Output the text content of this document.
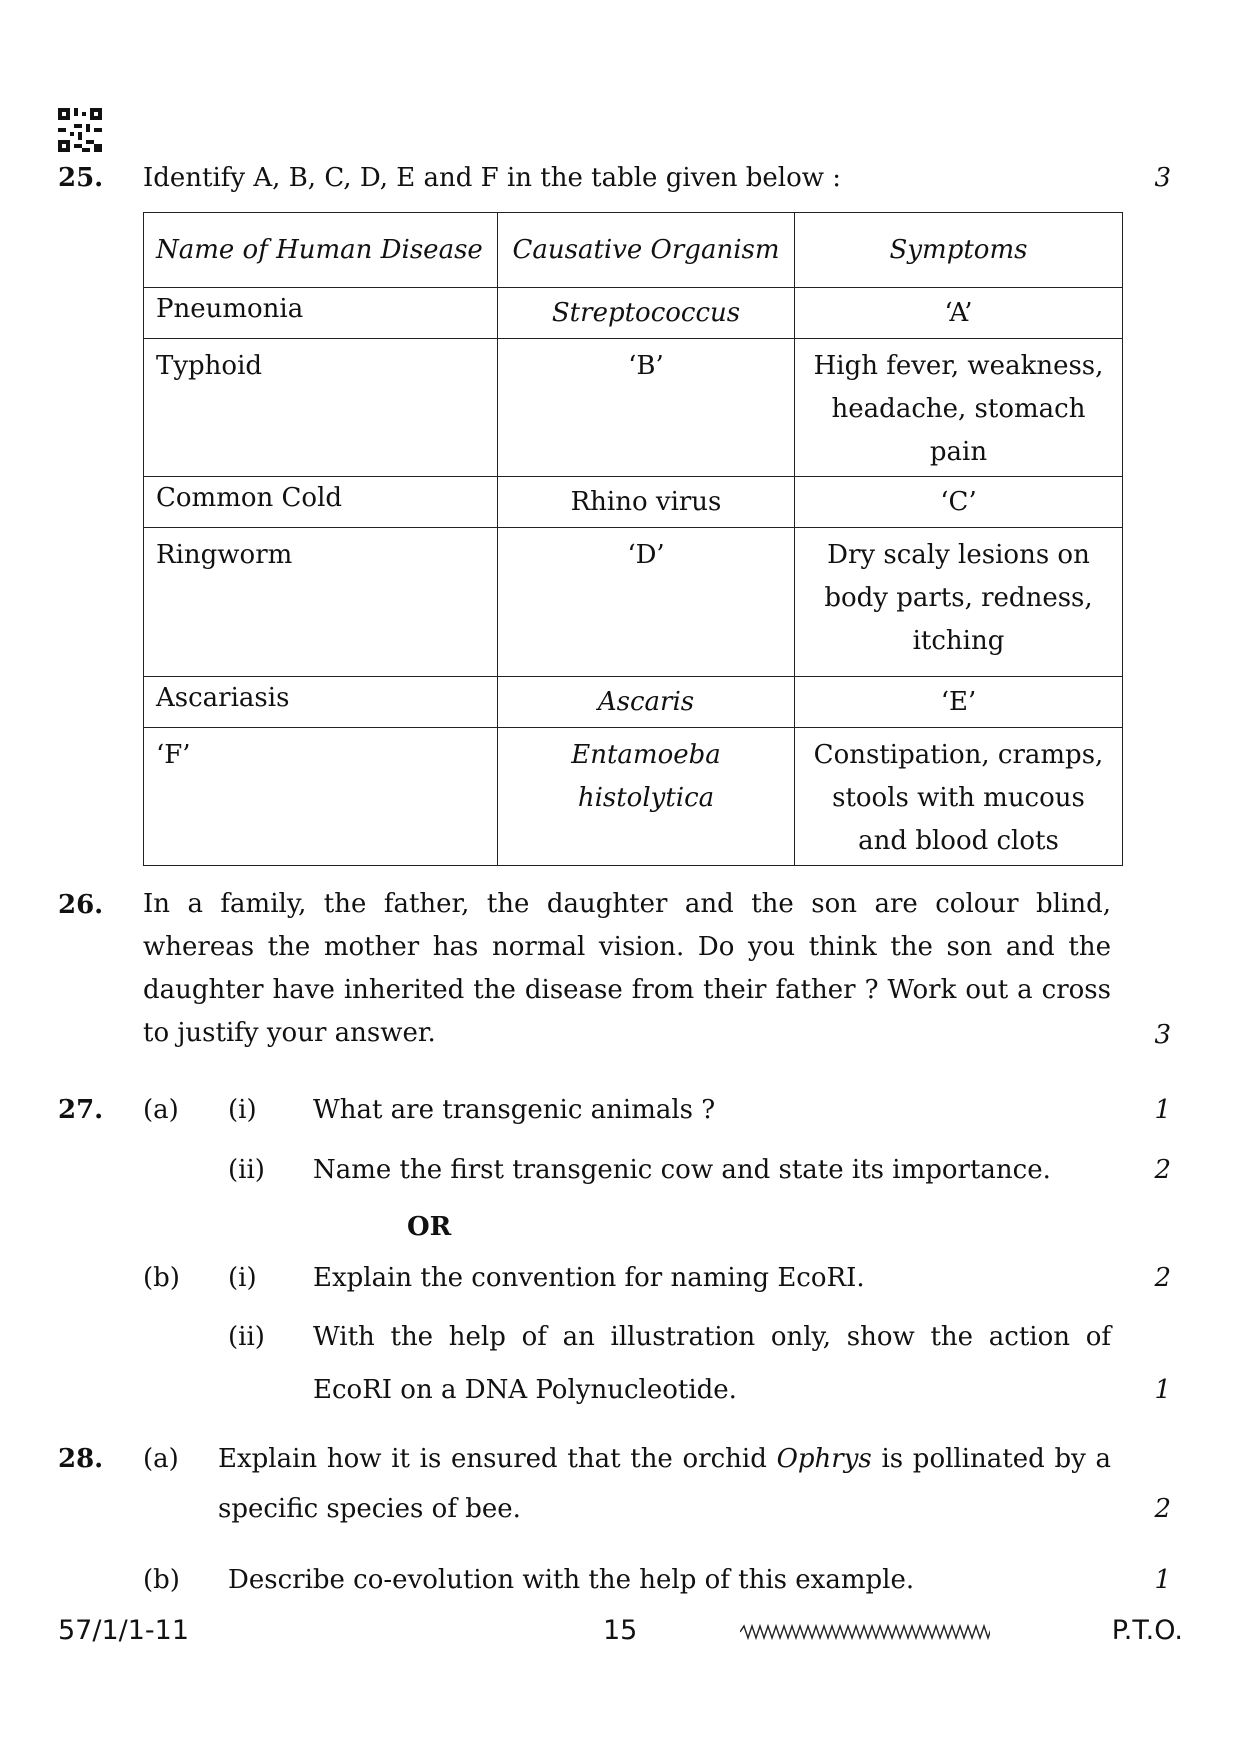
25. Identify A, B, C, D, E and F in the table given below :	3
Name of Human Disease	Causative Organism	Symptoms
Pneumonia	Streptococcus	‘A’
Typhoid	‘B’	High fever, weakness, headache, stomach pain
Common Cold	Rhino virus	‘C’
Ringworm	‘D’	Dry scaly lesions on body parts, redness, itching
Ascariasis	Ascaris	‘E’
‘F’	Entamoeba histolytica	Constipation, cramps, stools with mucous and blood clots
26. In a family, the father, the daughter and the son are colour blind, whereas the mother has normal vision. Do you think the son and the daughter have inherited the disease from their father ? Work out a cross to justify your answer.	3
27. (a) (i) What are transgenic animals ?	1
(ii) Name the first transgenic cow and state its importance.	2
OR
(b) (i) Explain the convention for naming EcoRI.	2
(ii) With the help of an illustration only, show the action of
EcoRI on a DNA Polynucleotide.	1
28. (a) Explain how it is ensured that the orchid Ophrys is pollinated by a
specific species of bee.	2
(b) Describe co-evolution with the help of this example.	1
57/1/1-11	15	P.T.O.
